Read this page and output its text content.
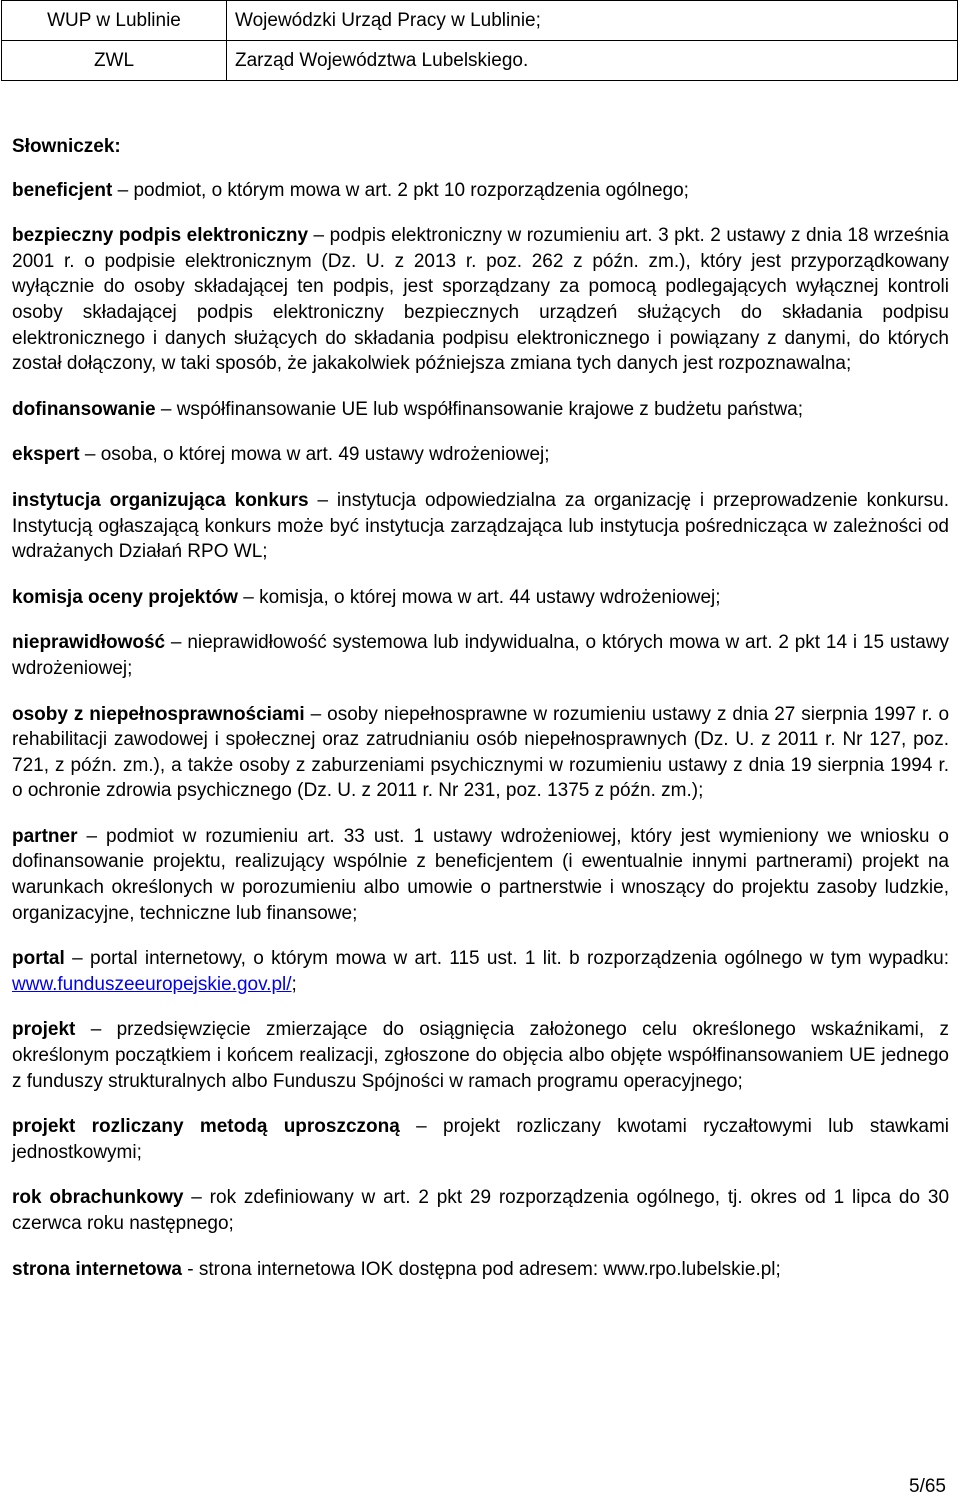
WUP w Lublinie	Wojewódzki Urząd Pracy w Lublinie;
ZWL	Zarząd Województwa Lubelskiego.
Słowniczek:

beneficjent – podmiot, o którym mowa w art. 2 pkt 10 rozporządzenia ogólnego;

bezpieczny podpis elektroniczny – podpis elektroniczny w rozumieniu art. 3 pkt. 2 ustawy z dnia 18 września 2001 r. o podpisie elektronicznym (Dz. U. z 2013 r. poz. 262 z późn. zm.), który jest przyporządkowany wyłącznie do osoby składającej ten podpis, jest sporządzany za pomocą podlegających wyłącznej kontroli osoby składającej podpis elektroniczny bezpiecznych urządzeń służących do składania podpisu elektronicznego i danych służących do składania podpisu elektronicznego i powiązany z danymi, do których został dołączony, w taki sposób, że jakakolwiek późniejsza zmiana tych danych jest rozpoznawalna;

dofinansowanie – współfinansowanie UE lub współfinansowanie krajowe z budżetu państwa;

ekspert – osoba, o której mowa w art. 49 ustawy wdrożeniowej;

instytucja organizująca konkurs – instytucja odpowiedzialna za organizację i przeprowadzenie konkursu. Instytucją ogłaszającą konkurs może być instytucja zarządzająca lub instytucja pośrednicząca w zależności od wdrażanych Działań RPO WL;

komisja oceny projektów – komisja, o której mowa w art. 44 ustawy wdrożeniowej;

nieprawidłowość – nieprawidłowość systemowa lub indywidualna, o których mowa w art. 2 pkt 14 i 15 ustawy wdrożeniowej;

osoby z niepełnosprawnościami – osoby niepełnosprawne w rozumieniu ustawy z dnia 27 sierpnia 1997 r. o rehabilitacji zawodowej i społecznej oraz zatrudnianiu osób niepełnosprawnych (Dz. U. z 2011 r. Nr 127, poz. 721, z późn. zm.), a także osoby z zaburzeniami psychicznymi w rozumieniu ustawy z dnia 19 sierpnia 1994 r. o ochronie zdrowia psychicznego (Dz. U. z 2011 r. Nr 231, poz. 1375 z późn. zm.);

partner – podmiot w rozumieniu art. 33 ust. 1 ustawy wdrożeniowej, który jest wymieniony we wniosku o dofinansowanie projektu, realizujący wspólnie z beneficjentem (i ewentualnie innymi partnerami) projekt na warunkach określonych w porozumieniu albo umowie o partnerstwie i wnoszący do projektu zasoby ludzkie, organizacyjne, techniczne lub finansowe;

portal – portal internetowy, o którym mowa w art. 115 ust. 1 lit. b rozporządzenia ogólnego w tym wypadku: www.funduszeeuropejskie.gov.pl/;

projekt – przedsięwzięcie zmierzające do osiągnięcia założonego celu określonego wskaźnikami, z określonym początkiem i końcem realizacji, zgłoszone do objęcia albo objęte współfinansowaniem UE jednego z funduszy strukturalnych albo Funduszu Spójności w ramach programu operacyjnego;

projekt rozliczany metodą uproszczoną – projekt rozliczany kwotami ryczałtowymi lub stawkami jednostkowymi;

rok obrachunkowy – rok zdefiniowany w art. 2 pkt 29 rozporządzenia ogólnego, tj. okres od 1 lipca do 30 czerwca roku następnego;

strona internetowa - strona internetowa IOK dostępna pod adresem: www.rpo.lubelskie.pl;

5/65
